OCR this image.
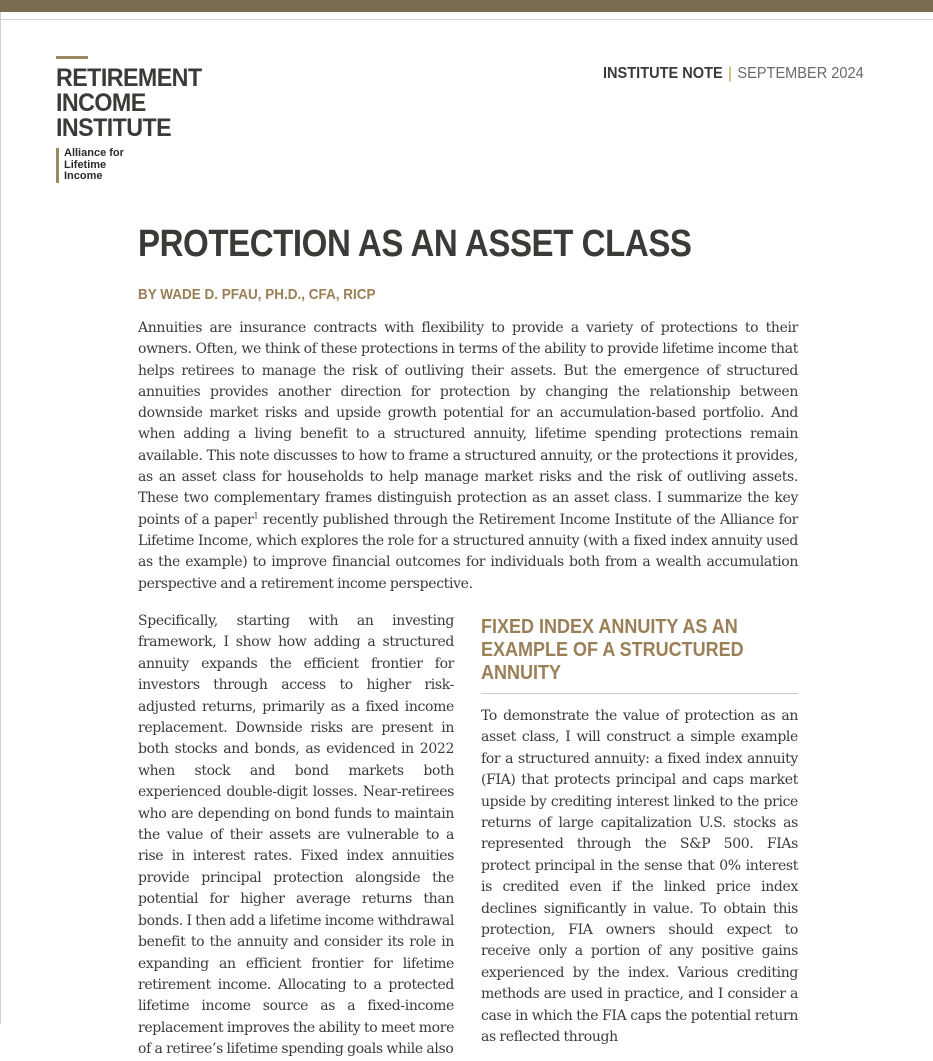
RETIREMENT
INCOME
INSTITUTE
Alliance for
Lifetime
Income
INSTITUTE NOTE | SEPTEMBER 2024
PROTECTION AS AN ASSET CLASS
BY WADE D. PFAU, PH.D., CFA, RICP

Annuities are insurance contracts with flexibility to provide a variety of protections to their owners. Often, we think of these protections in terms of the ability to provide lifetime income that helps retirees to manage the risk of outliving their assets. But the emergence of structured annuities provides another direction for protection by changing the relationship between downside market risks and upside growth potential for an accumulation-based portfolio. And when adding a living benefit to a structured annuity, lifetime spending protections remain available. This note discusses to how to frame a structured annuity, or the protections it provides, as an asset class for households to help manage market risks and the risk of outliving assets. These two complementary frames distinguish protection as an asset class. I summarize the key points of a paper$^1$ recently published through the Retirement Income Institute of the Alliance for Lifetime Income, which explores the role for a structured annuity (with a fixed index annuity used as the example) to improve financial outcomes for individuals both from a wealth accumulation perspective and a retirement income perspective.

Specifically, starting with an investing framework, I show how adding a structured annuity expands the efficient frontier for investors through access to higher risk-adjusted returns, primarily as a fixed income replacement. Downside risks are present in both stocks and bonds, as evidenced in 2022 when stock and bond markets both experienced double-digit losses. Near-retirees who are depending on bond funds to maintain the value of their assets are vulnerable to a rise in interest rates. Fixed index annuities provide principal protection alongside the potential for higher average returns than bonds. I then add a lifetime income withdrawal benefit to the annuity and consider its role in expanding an efficient frontier for lifetime retirement income. Allocating to a protected lifetime income source as a fixed-income replacement improves the ability to meet more of a retiree’s lifetime spending goals while also

FIXED INDEX ANNUITY AS AN
EXAMPLE OF A STRUCTURED
ANNUITY

To demonstrate the value of protection as an asset class, I will construct a simple example for a structured annuity: a fixed index annuity (FIA) that protects principal and caps market upside by crediting interest linked to the price returns of large capitalization U.S. stocks as represented through the S&P 500. FIAs protect principal in the sense that 0% interest is credited even if the linked price index declines significantly in value. To obtain this protection, FIA owners should expect to receive only a portion of any positive gains experienced by the index. Various crediting methods are used in practice, and I consider a case in which the FIA caps the potential return as reflected through
